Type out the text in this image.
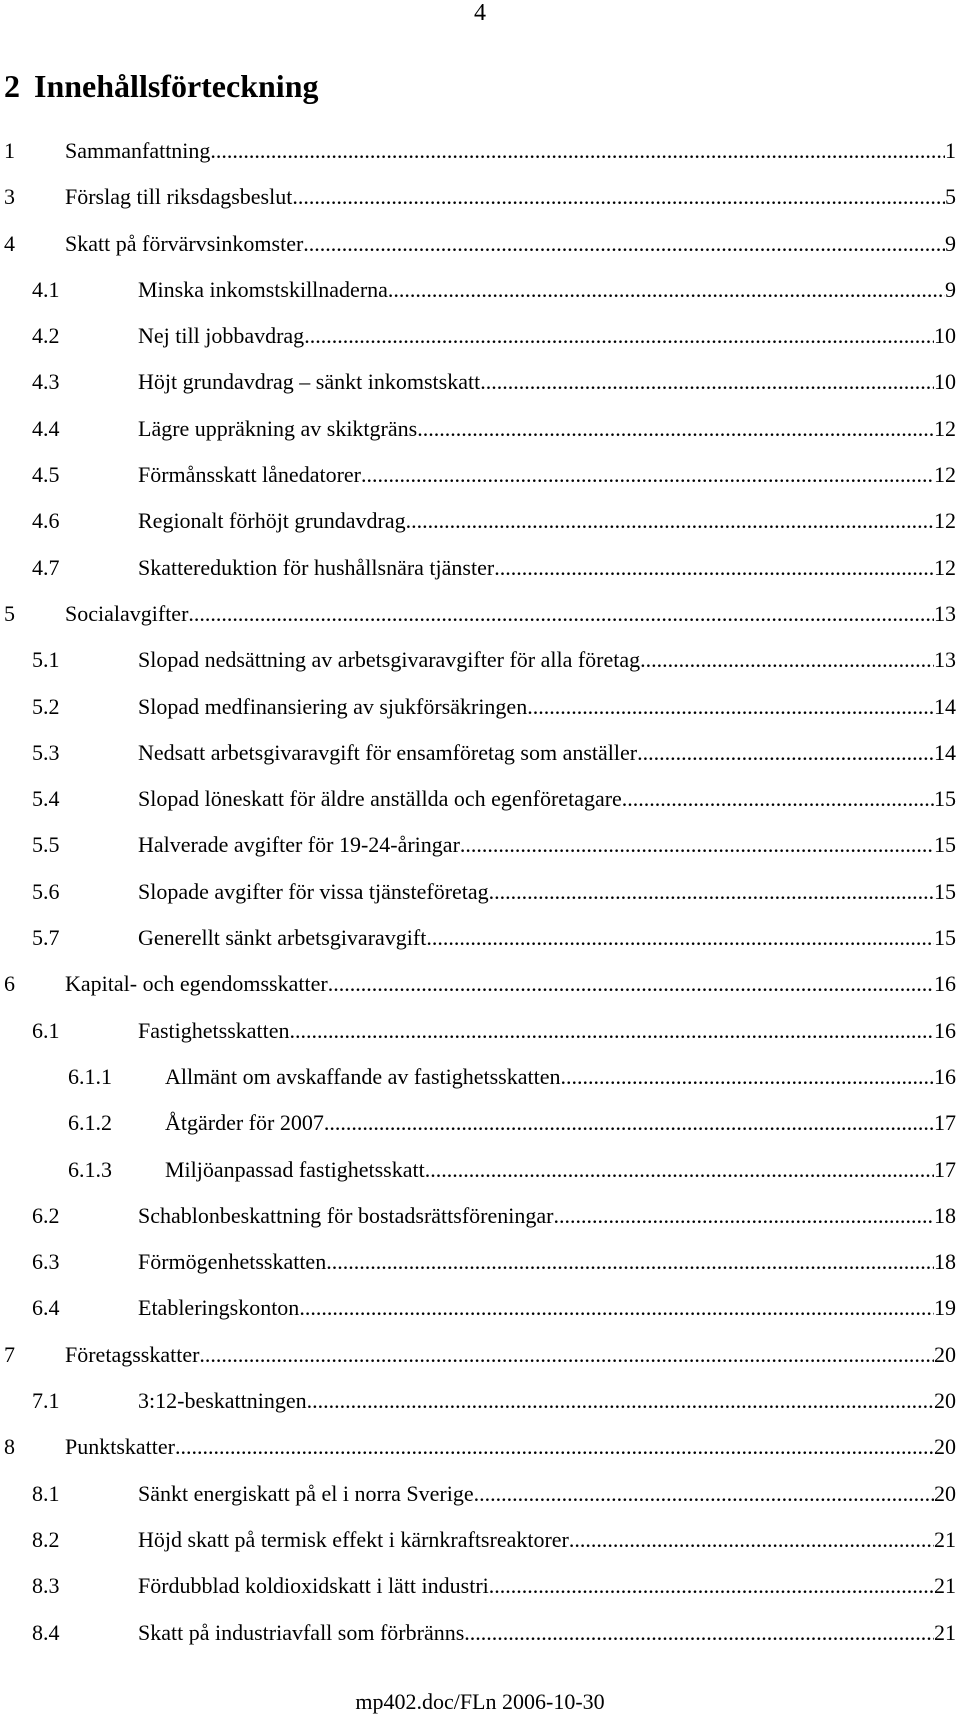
4
2 Innehållsförteckning
1	Sammanfattning .....	1
3	Förslag till riksdagsbeslut .....	5
4	Skatt på förvärvsinkomster .....	9
4.1	Minska inkomstskillnaderna .....	9
4.2	Nej till jobbavdrag .....	10
4.3	Höjt grundavdrag – sänkt inkomstskatt .....	10
4.4	Lägre uppräkning av skiktgräns .....	12
4.5	Förmånsskatt lånedatorer .....	12
4.6	Regionalt förhöjt grundavdrag .....	12
4.7	Skattereduktion för hushållsnära tjänster .....	12
5	Socialavgifter .....	13
5.1	Slopad nedsättning av arbetsgivaravgifter för alla företag .....	13
5.2	Slopad medfinansiering av sjukförsäkringen .....	14
5.3	Nedsatt arbetsgivaravgift för ensamföretag som anställer .....	14
5.4	Slopad löneskatt för äldre anställda och egenföretagare .....	15
5.5	Halverade avgifter för 19-24-åringar .....	15
5.6	Slopade avgifter för vissa tjänsteföretag .....	15
5.7	Generellt sänkt arbetsgivaravgift .....	15
6	Kapital- och egendomsskatter .....	16
6.1	Fastighetsskatten .....	16
6.1.1	Allmänt om avskaffande av fastighetsskatten .....	16
6.1.2	Åtgärder för 2007 .....	17
6.1.3	Miljöanpassad fastighetsskatt .....	17
6.2	Schablonbeskattning för bostadsrättsföreningar .....	18
6.3	Förmögenhetsskatten .....	18
6.4	Etableringskonton .....	19
7	Företagsskatter .....	20
7.1	3:12-beskattningen .....	20
8	Punktskatter .....	20
8.1	Sänkt energiskatt på el i norra Sverige .....	20
8.2	Höjd skatt på termisk effekt i kärnkraftsreaktorer .....	21
8.3	Fördubblad koldioxidskatt i lätt industri .....	21
8.4	Skatt på industriavfall som förbränns .....	21
mp402.doc/FLn 2006-10-30
